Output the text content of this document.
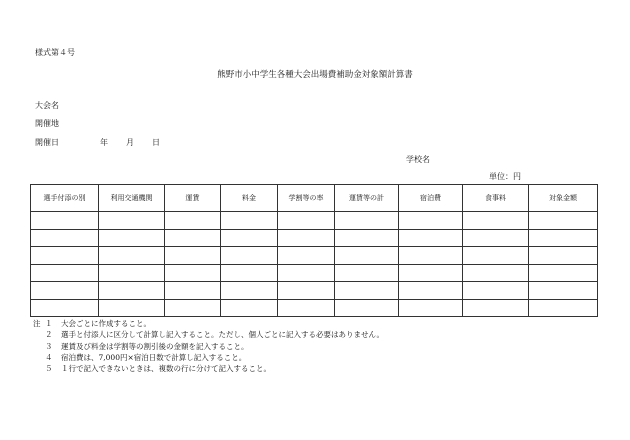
様式第４号
熊野市小中学生各種大会出場費補助金対象額計算書
大会名
開催地
開催日	年 月 日
学校名
単位：円
選手付添の別	利用交通機関	運賃	料金	学割等の率	運賃等の計	宿泊費	食事料	対象金額

注 １	大会ごとに作成すること。
２	選手と付添人に区分して計算し記入すること。ただし、個人ごとに記入する必要はありません。
３	運賃及び料金は学割等の割引後の金額を記入すること。
４	宿泊費は、7,000円×宿泊日数で計算し記入すること。
５	１行で記入できないときは、複数の行に分けて記入すること。
